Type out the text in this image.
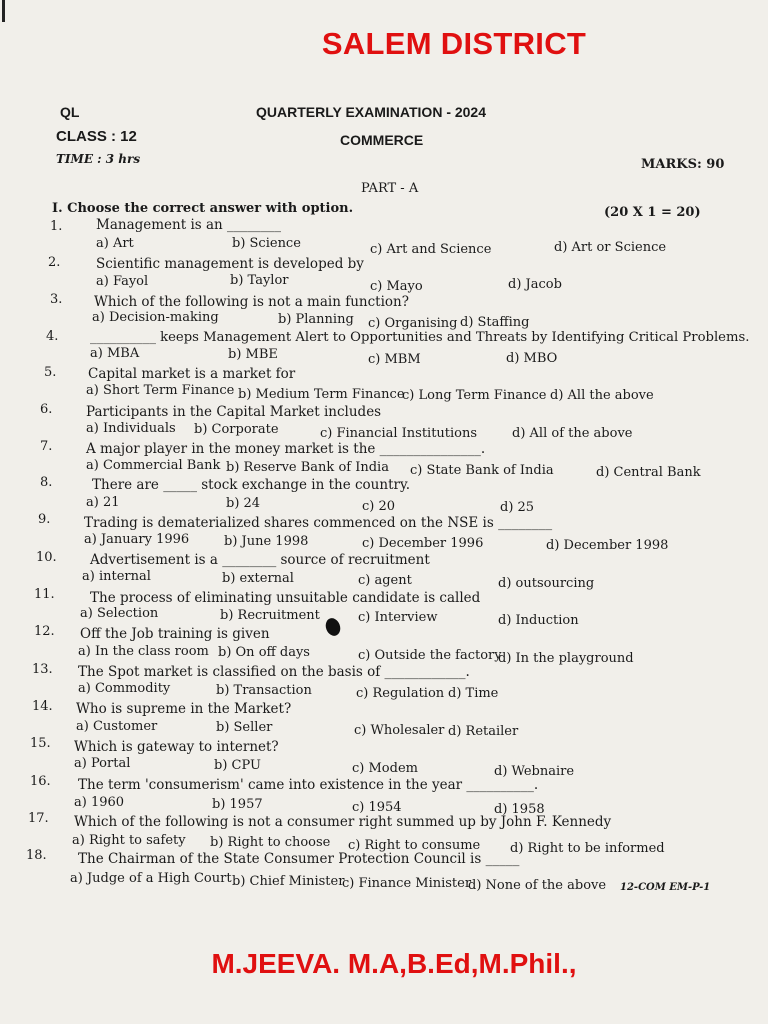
SALEM DISTRICT
QL	QUARTERLY EXAMINATION - 2024
CLASS : 12	COMMERCE
TIME : 3 hrs	MARKS: 90
PART - A
I. Choose the correct answer with option.	(20 X 1 = 20)
1. Management is an ________
a) Art	b) Science	c) Art and Science	d) Art or Science
2.	Scientific management is developed by
a) Fayol	b) Taylor	c) Mayo	d) Jacob
3. Which of the following is not a main function?
a) Decision-making	b) Planning c) Organising d) Staffing
4. __________ keeps Management Alert to Opportunities and Threats by Identifying Critical Problems.
a) MBA	b) MBE	c) MBM	d) MBO
5. Capital market is a market for
a) Short Term Finance b) Medium Term Finance
c) Long Term Finance d) All the above
6. Participants in the Capital Market includes
a) Individuals b) Corporate	c) Financial Institutions	d) All of the above
7. A major player in the money market is the _______________.
a) Commercial Bank b) Reserve Bank of India c) State Bank of India	d) Central Bank
8.	There are _____ stock exchange in the country.
a) 21	b) 24	c) 20	d) 25
9. Trading is dematerialized shares commenced on the NSE is ________
a) January 1996	b) June 1998	c) December 1996	d) December 1998
10. Advertisement is a ________ source of recruitment
a) internal	b) external	c) agent	d) outsourcing
11.	The process of eliminating unsuitable candidate is called
a) Selection	b) Recruitment	c) Interview	d) Induction
12. Off the Job training is given
a) In the class room b) On off days	c) Outside the factory
d) In the playground
13. The Spot market is classified on the basis of ____________.
a) Commodity	b) Transaction	c) Regulation d) Time
14. Who is supreme in the Market?
a) Customer	b) Seller	c) Wholesaler d) Retailer
15. Which is gateway to internet?
a) Portal	b) CPU	c) Modem	d) Webnaire
16. The term 'consumerism' came into existence in the year __________.
a) 1960	b) 1957	c) 1954	d) 1958
17. Which of the following is not a consumer right summed up by John F. Kennedy
a) Right to safety b) Right to choose c) Right to consume d) Right to be informed
18. The Chairman of the State Consumer Protection Council is _____
a) Judge of a High Court b) Chief Minister
c) Finance Minister
d) None of the above 12-COM EM-P-1
M.JEEVA. M.A,B.Ed,M.Phil.,
